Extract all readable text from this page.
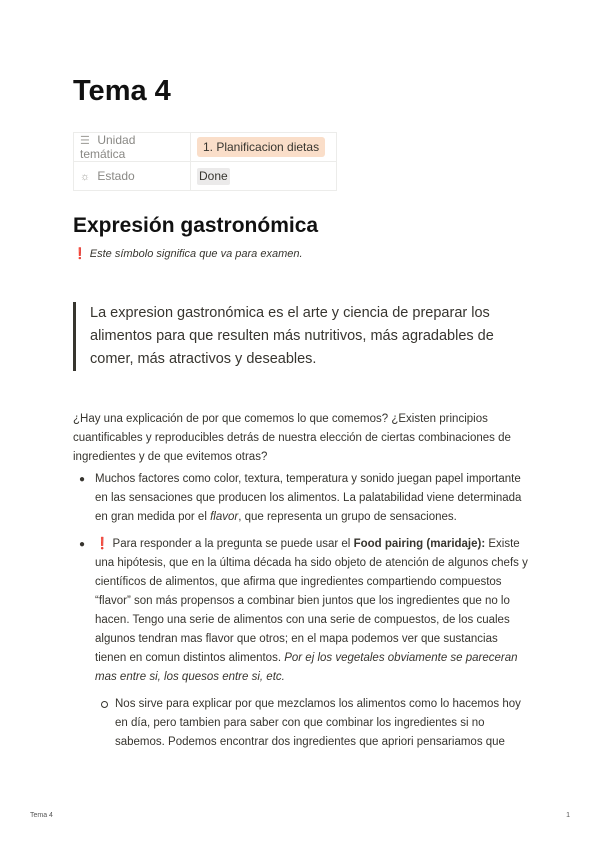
Tema 4
☰ Unidad temática	1. Planificacion dietas
☼ Estado	Done
Expresión gastronómica

❗ Este símbolo significa que va para examen.

La expresion gastronómica es el arte y ciencia de preparar los alimentos para que resulten más nutritivos, más agradables de comer, más atractivos y deseables.

¿Hay una explicación de por que comemos lo que comemos? ¿Existen principios cuantificables y reproducibles detrás de nuestra elección de ciertas combinaciones de ingredientes y de que evitemos otras?

● Muchos factores como color, textura, temperatura y sonido juegan papel importante en las sensaciones que producen los alimentos. La palatabilidad viene determinada en gran medida por el flavor, que representa un grupo de sensaciones.
● ❗ Para responder a la pregunta se puede usar el Food pairing (maridaje): Existe una hipótesis, que en la última década ha sido objeto de atención de algunos chefs y científicos de alimentos, que afirma que ingredientes compartiendo compuestos “flavor” son más propensos a combinar bien juntos que los ingredientes que no lo hacen. Tengo una serie de alimentos con una serie de compuestos, de los cuales algunos tendran mas flavor que otros; en el mapa podemos ver que sustancias tienen en comun distintos alimentos. Por ej los vegetales obviamente se pareceran mas entre si, los quesos entre si, etc.
Nos sirve para explicar por que mezclamos los alimentos como lo hacemos hoy en día, pero tambien para saber con que combinar los ingredientes si no sabemos. Podemos encontrar dos ingredientes que apriori pensariamos que
Tema 4	1
